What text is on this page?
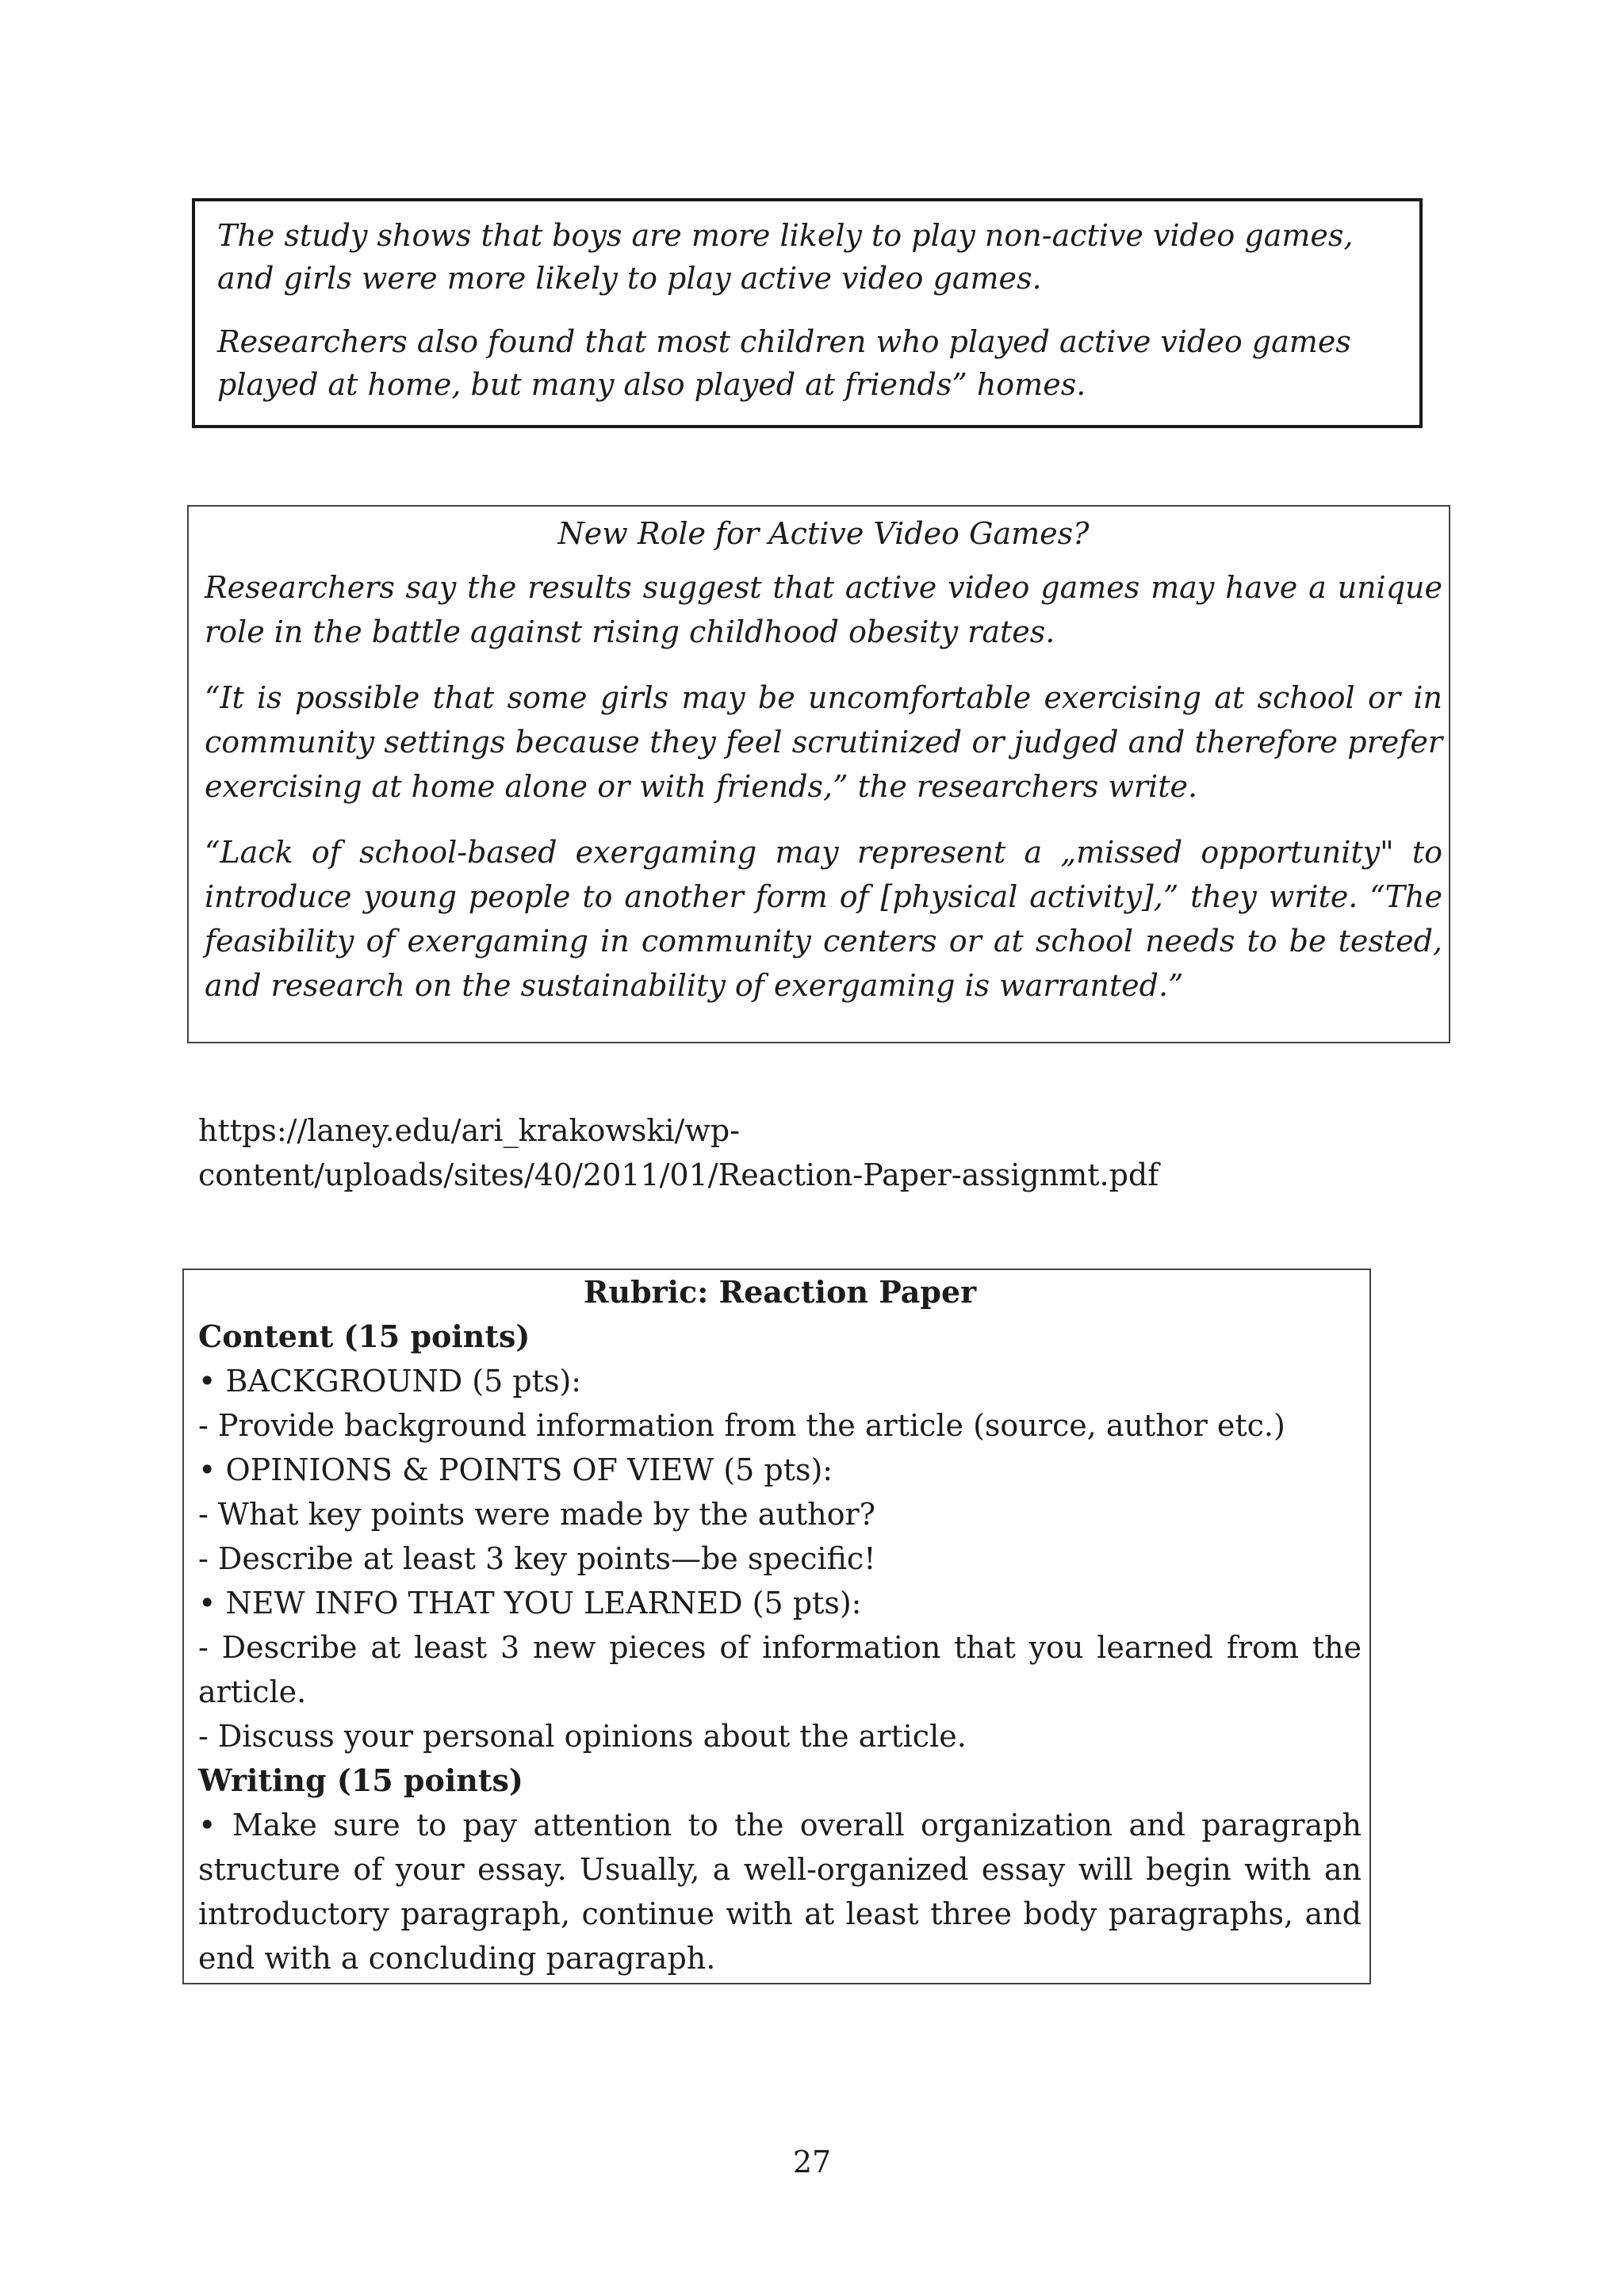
The study shows that boys are more likely to play non-active video games, and girls were more likely to play active video games.

Researchers also found that most children who played active video games played at home, but many also played at friends” homes.

New Role for Active Video Games?

Researchers say the results suggest that active video games may have a unique role in the battle against rising childhood obesity rates.

“It is possible that some girls may be uncomfortable exercising at school or in community settings because they feel scrutinized or judged and therefore prefer exercising at home alone or with friends,” the researchers write.

“Lack of school-based exergaming may represent a „missed opportunity" to introduce young people to another form of [physical activity],” they write. “The feasibility of exergaming in community centers or at school needs to be tested, and research on the sustainability of exergaming is warranted.”

https://laney.edu/ari_krakowski/wp-
content/uploads/sites/40/2011/01/Reaction-Paper-assignmt.pdf

Rubric: Reaction Paper

Content (15 points)

• BACKGROUND (5 pts):

- Provide background information from the article (source, author etc.)

• OPINIONS & POINTS OF VIEW (5 pts):

- What key points were made by the author?

- Describe at least 3 key points—be specific!

• NEW INFO THAT YOU LEARNED (5 pts):

- Describe at least 3 new pieces of information that you learned from the article.

- Discuss your personal opinions about the article.

Writing (15 points)

• Make sure to pay attention to the overall organization and paragraph structure of your essay. Usually, a well-organized essay will begin with an introductory paragraph, continue with at least three body paragraphs, and end with a concluding paragraph.

27
